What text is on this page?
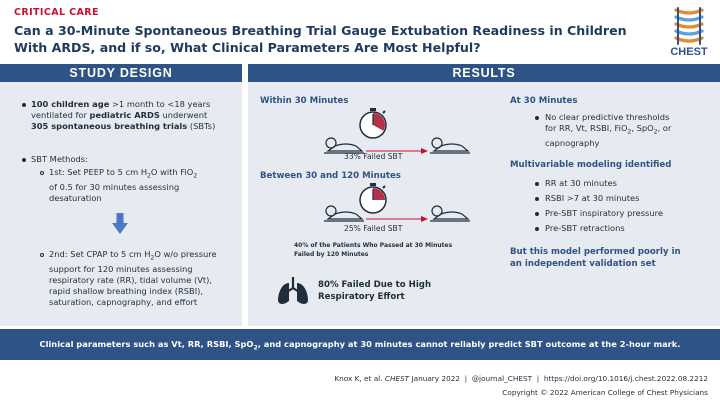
CRITICAL CARE
Can a 30-Minute Spontaneous Breathing Trial Gauge Extubation Readiness in Children With ARDS, and if so, What Clinical Parameters Are Most Helpful?	CHEST
STUDY DESIGN
100 children age >1 month to <18 years
ventilated for pediatric ARDS underwent
305 spontaneous breathing trials (SBTs)
SBT Methods:
1st: Set PEEP to 5 cm $H_2O$ with FiO$_2$
of 0.5 for 30 minutes assessing
desaturation
2nd: Set CPAP to 5 cm $H_2O$ w/o pressure
support for 120 minutes assessing
respiratory rate (RR), tidal volume (Vt),
rapid shallow breathing index (RSBI),
saturation, capnography, and effort
RESULTS
Within 30 Minutes
33% Failed SBT
Between 30 and 120 Minutes
25% Failed SBT
40% of the Patients Who Passed at 30 Minutes
Failed by 120 Minutes
80% Failed Due to High
Respiratory Effort
At 30 Minutes
No clear predictive thresholds
for RR, Vt, RSBI, FiO$_2$, SpO$_2$, or
capnography
Multivariable modeling identified
RR at 30 minutes
RSBI >7 at 30 minutes
Pre-SBT inspiratory pressure
Pre-SBT retractions
But this model performed poorly in
an independent validation set
Clinical parameters such as Vt, RR, RSBI, SpO$_2$, and capnography at 30 minutes cannot reliably predict SBT outcome at the 2-hour mark.
Knox K, et al. CHEST January 2022  |  @journal_CHEST  |  https://doi.org/10.1016/j.chest.2022.08.2212
Copyright © 2022 American College of Chest Physicians
